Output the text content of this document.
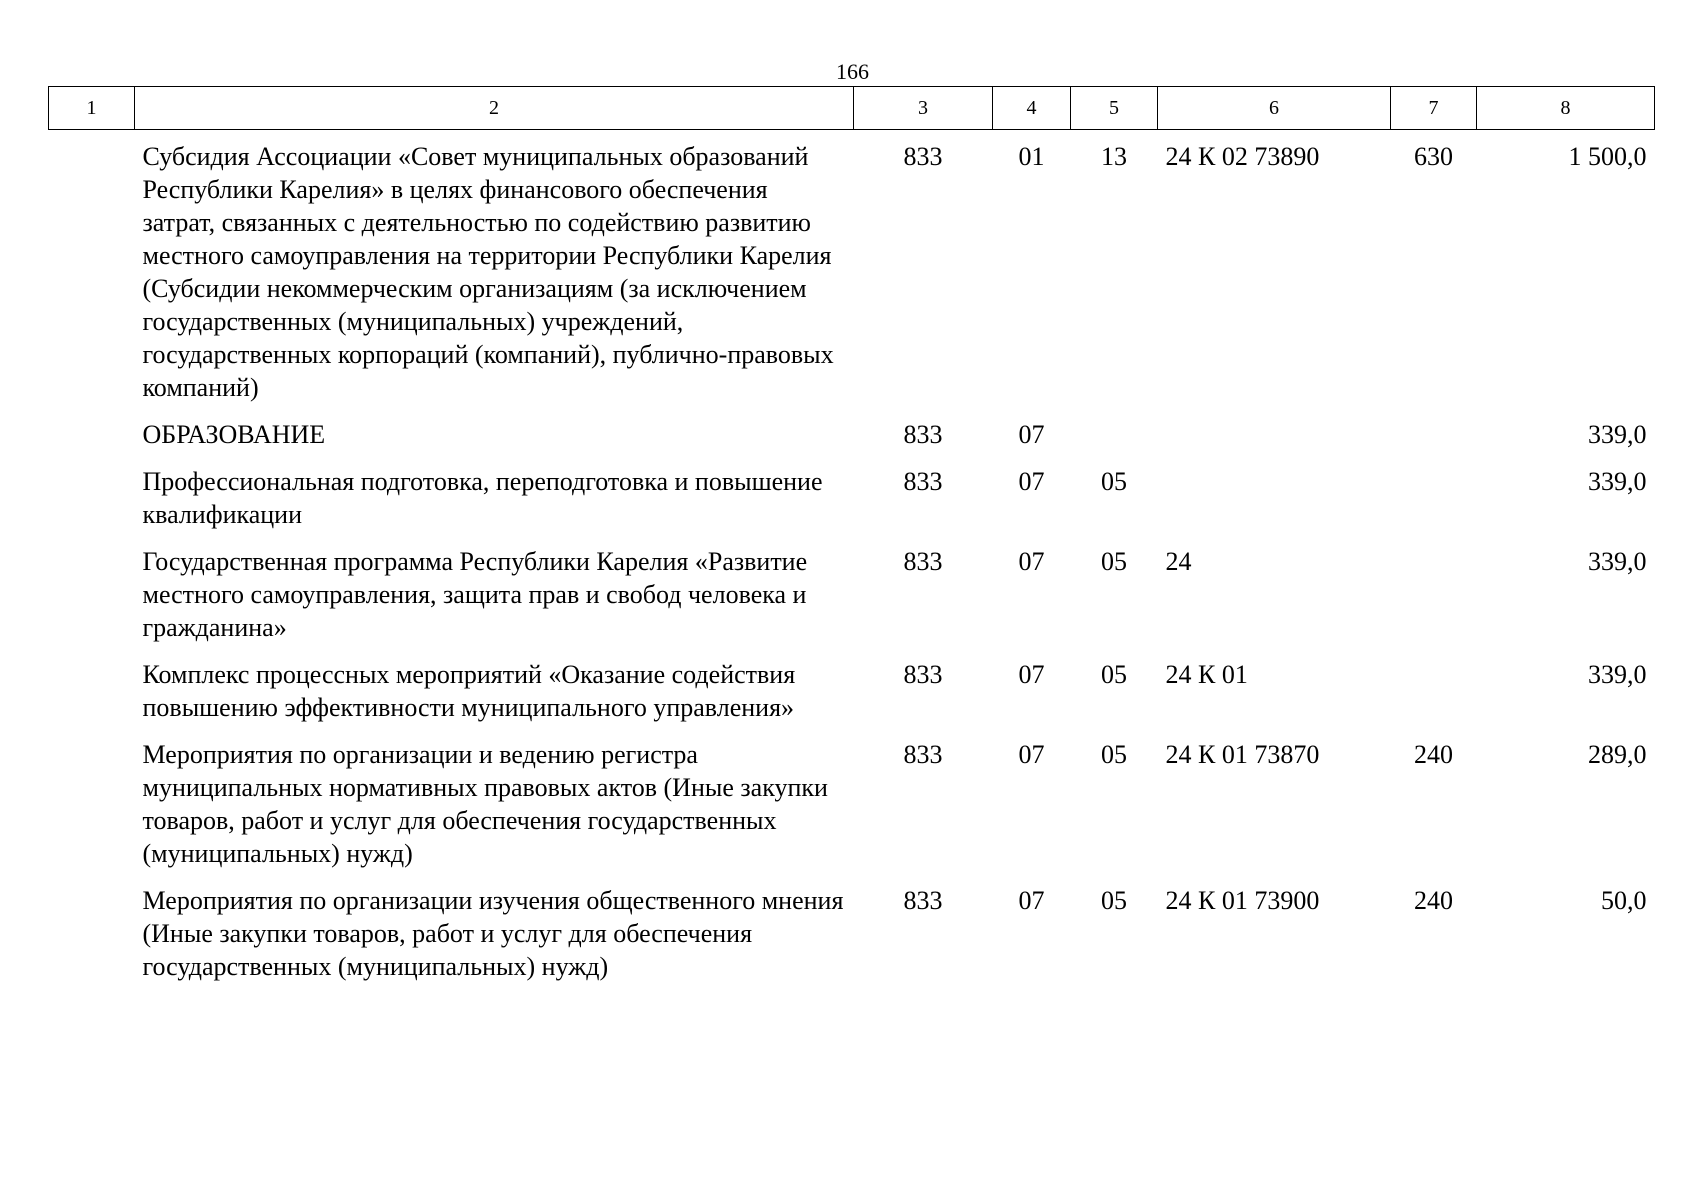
166
1	2	3	4	5	6	7	8
	Субсидия Ассоциации «Совет муниципальных образований Республики Карелия» в целях финансового обеспечения затрат, связанных с деятельностью по содействию развитию местного самоуправления на территории Республики Карелия (Субсидии некоммерческим организациям (за исключением государственных (муниципальных) учреждений, государственных корпораций (компаний), публично-правовых компаний)	833	01	13	24 К 02 73890	630	1 500,0
	ОБРАЗОВАНИЕ	833	07				339,0
	Профессиональная подготовка, переподготовка и повышение квалификации	833	07	05			339,0
	Государственная программа Республики Карелия «Развитие местного самоуправления, защита прав и свобод человека и гражданина»	833	07	05	24		339,0
	Комплекс процессных мероприятий «Оказание содействия повышению эффективности муниципального управления»	833	07	05	24 К 01		339,0
	Мероприятия по организации и ведению регистра муниципальных нормативных правовых актов (Иные закупки товаров, работ и услуг для обеспечения государственных (муниципальных) нужд)	833	07	05	24 К 01 73870	240	289,0
	Мероприятия по организации изучения общественного мнения (Иные закупки товаров, работ и услуг для обеспечения государственных (муниципальных) нужд)	833	07	05	24 К 01 73900	240	50,0
